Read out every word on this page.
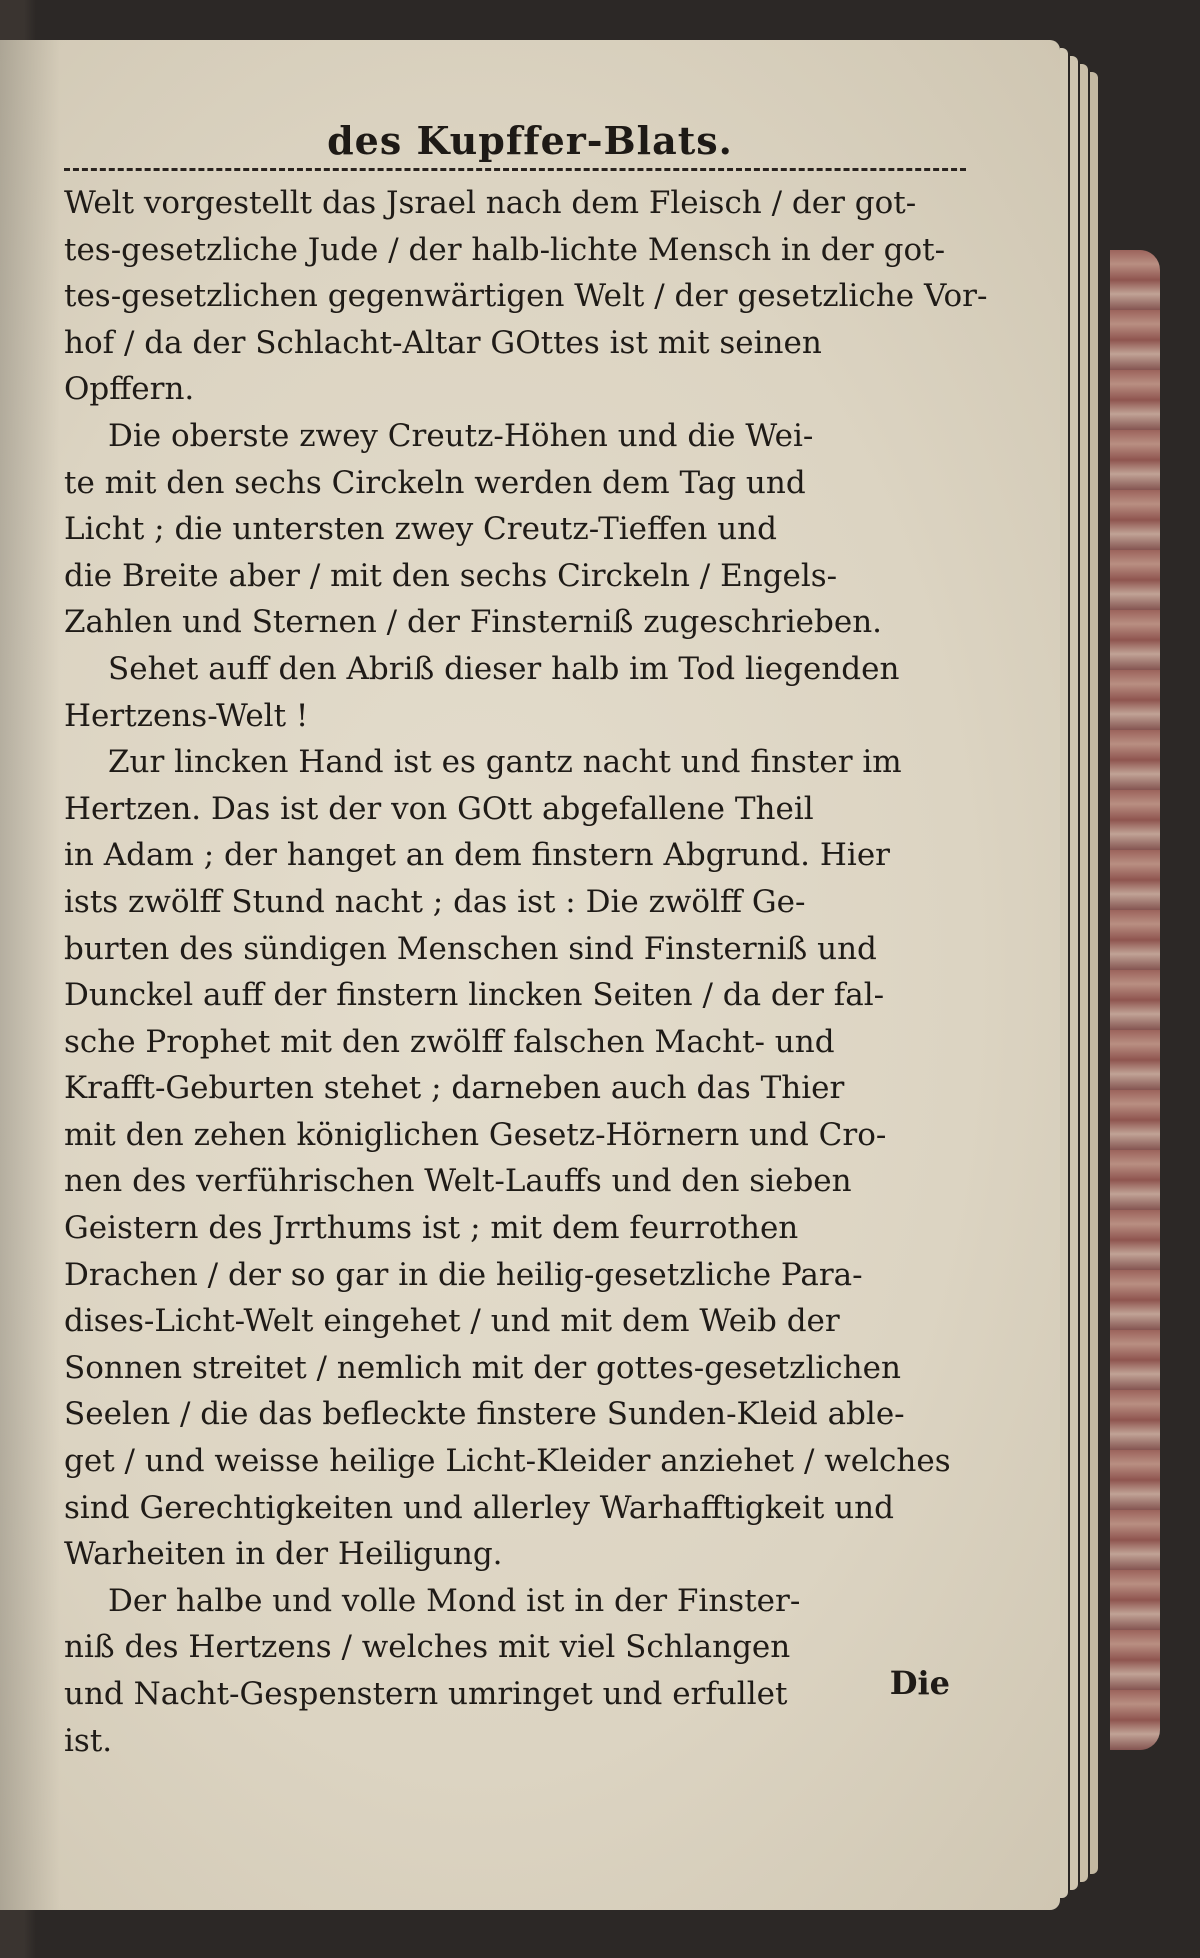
des Kupffer-Blats.
Welt vorgestellt das Jsrael nach dem Fleisch / der got-
tes-gesetzliche Jude / der halb-lichte Mensch in der got-
tes-gesetzlichen gegenwärtigen Welt / der gesetzliche Vor-
hof / da der Schlacht-Altar GOttes ist mit seinen
Opffern.
Die oberste zwey Creutz-Höhen und die Wei-
te mit den sechs Circkeln werden dem Tag und
Licht ; die untersten zwey Creutz-Tieffen und
die Breite aber / mit den sechs Circkeln / Engels-
Zahlen und Sternen / der Finsterniß zugeschrieben.
Sehet auff den Abriß dieser halb im Tod liegenden
Hertzens-Welt !
Zur lincken Hand ist es gantz nacht und finster im
Hertzen. Das ist der von GOtt abgefallene Theil
in Adam ; der hanget an dem finstern Abgrund. Hier
ists zwölff Stund nacht ; das ist : Die zwölff Ge-
burten des sündigen Menschen sind Finsterniß und
Dunckel auff der finstern lincken Seiten / da der fal-
sche Prophet mit den zwölff falschen Macht- und
Krafft-Geburten stehet ; darneben auch das Thier
mit den zehen königlichen Gesetz-Hörnern und Cro-
nen des verführischen Welt-Lauffs und den sieben
Geistern des Jrrthums ist ; mit dem feurrothen
Drachen / der so gar in die heilig-gesetzliche Para-
dises-Licht-Welt eingehet / und mit dem Weib der
Sonnen streitet / nemlich mit der gottes-gesetzlichen
Seelen / die das befleckte finstere Sunden-Kleid able-
get / und weisse heilige Licht-Kleider anziehet / welches
sind Gerechtigkeiten und allerley Warhafftigkeit und
Warheiten in der Heiligung.
Der halbe und volle Mond ist in der Finster-
niß des Hertzens / welches mit viel Schlangen
und Nacht-Gespenstern umringet und erfullet
ist.
Die
